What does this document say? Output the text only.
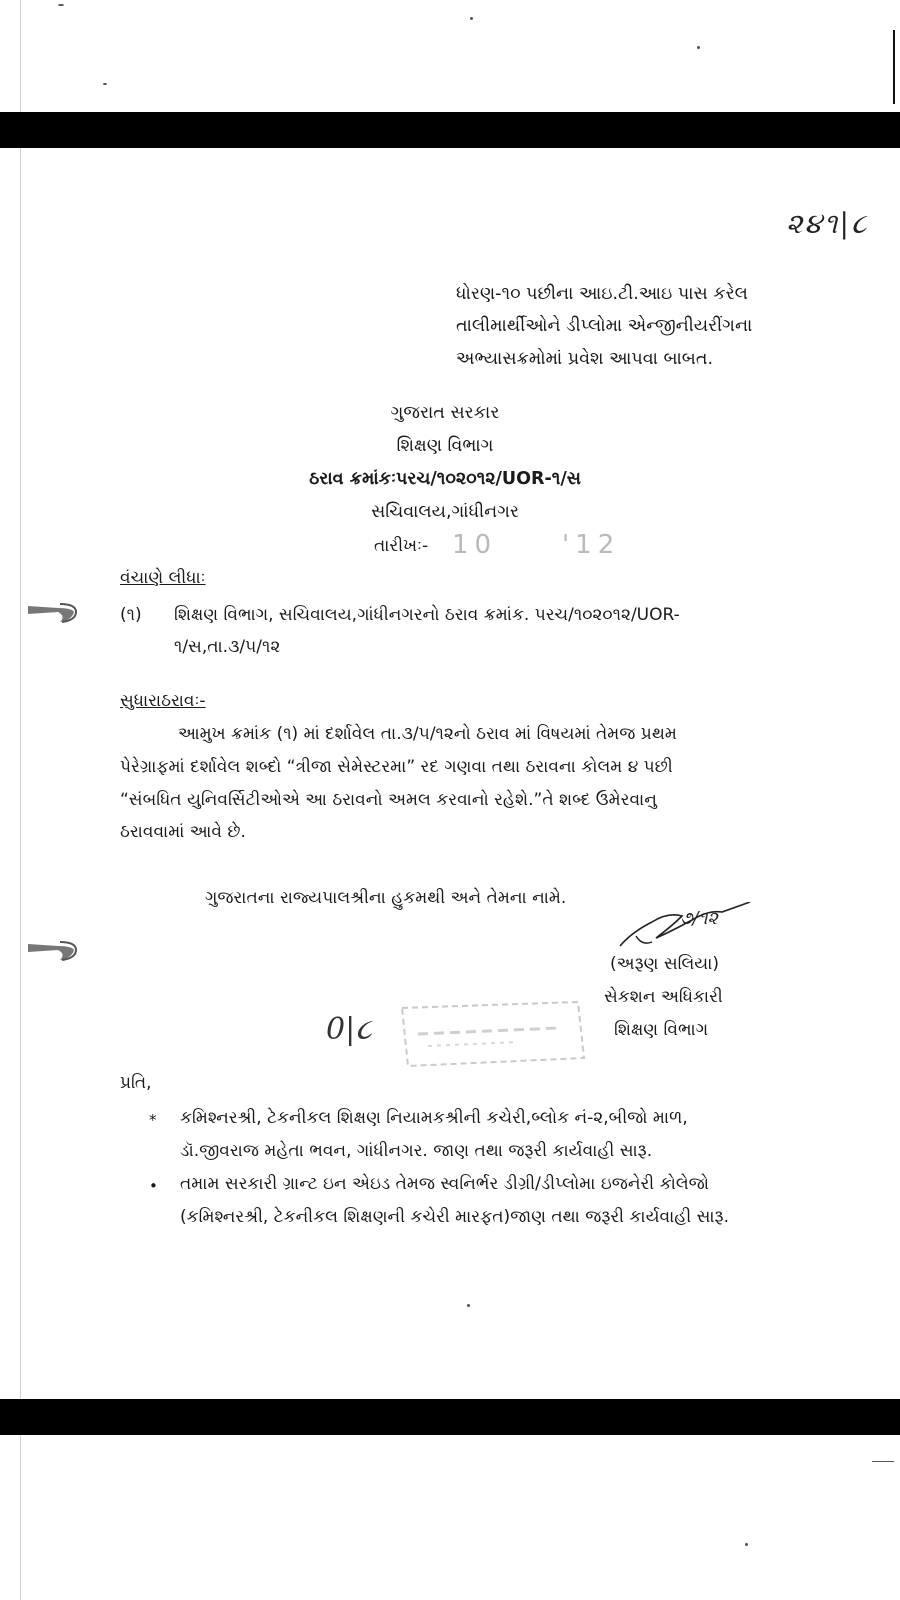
૨૪૧|૮
ધોરણ-૧૦ પછીના આઇ.ટી.આઇ પાસ કરેલ
તાલીમાર્થીઓને ડીપ્લોમા એન્જીનીયરીંગના
અભ્યાસક્રમોમાં પ્રવેશ આપવા બાબત.
ગુજરાત સરકાર
શિક્ષણ વિભાગ
ઠરાવ ક્રમાંકઃપરચ/૧૦૨૦૧૨/UOR-૧/સ
સચિવાલય,ગાંધીનગર
તારીખઃ- 10 '12
વંચાણે લીધાઃ
(૧) શિક્ષણ વિભાગ, સચિવાલય,ગાંધીનગરનો ઠરાવ ક્રમાંક. પરચ/૧૦૨૦૧૨/UOR-
૧/સ,તા.૩/૫/૧૨
સુધારાઠરાવઃ-
આમુખ ક્રમાંક (૧) માં દર્શાવેલ તા.૩/૫/૧૨નો ઠરાવ માં વિષયમાં તેમજ પ્રથમ
પેરેગ્રાફમાં દર્શાવેલ શબ્દો “ત્રીજા સેમેસ્ટરમા” રદ ગણવા તથા ઠરાવના કોલમ ૪ પછી
“સંબધિત યુનિવર્સિટીઓએ આ ઠરાવનો અમલ કરવાનો રહેશે.”તે શબ્દ ઉમેરવાનુ
ઠરાવવામાં આવે છે.
ગુજરાતના રાજ્યપાલશ્રીના હુકમથી અને તેમના નામે.
૭/૧૨
(અરૂણ સલિયા)
સેકશન અધિકારી
શિક્ષણ વિભાગ
0|૮
પ્રતિ,
* કમિશ્નરશ્રી, ટેકનીકલ શિક્ષણ નિયામકશ્રીની કચેરી,બ્લોક નં-૨,બીજો માળ,
ડૉ.જીવરાજ મહેતા ભવન, ગાંધીનગર. જાણ તથા જરૂરી કાર્યવાહી સારૂ.
• તમામ સરકારી ગ્રાન્ટ ઇન એઇડ તેમજ સ્વનિર્ભર ડીગ્રી/ડીપ્લોમા ઇજનેરી કોલેજો
(કમિશ્નરશ્રી, ટેકનીકલ શિક્ષણની કચેરી મારફત)જાણ તથા જરૂરી કાર્યવાહી સારૂ.
